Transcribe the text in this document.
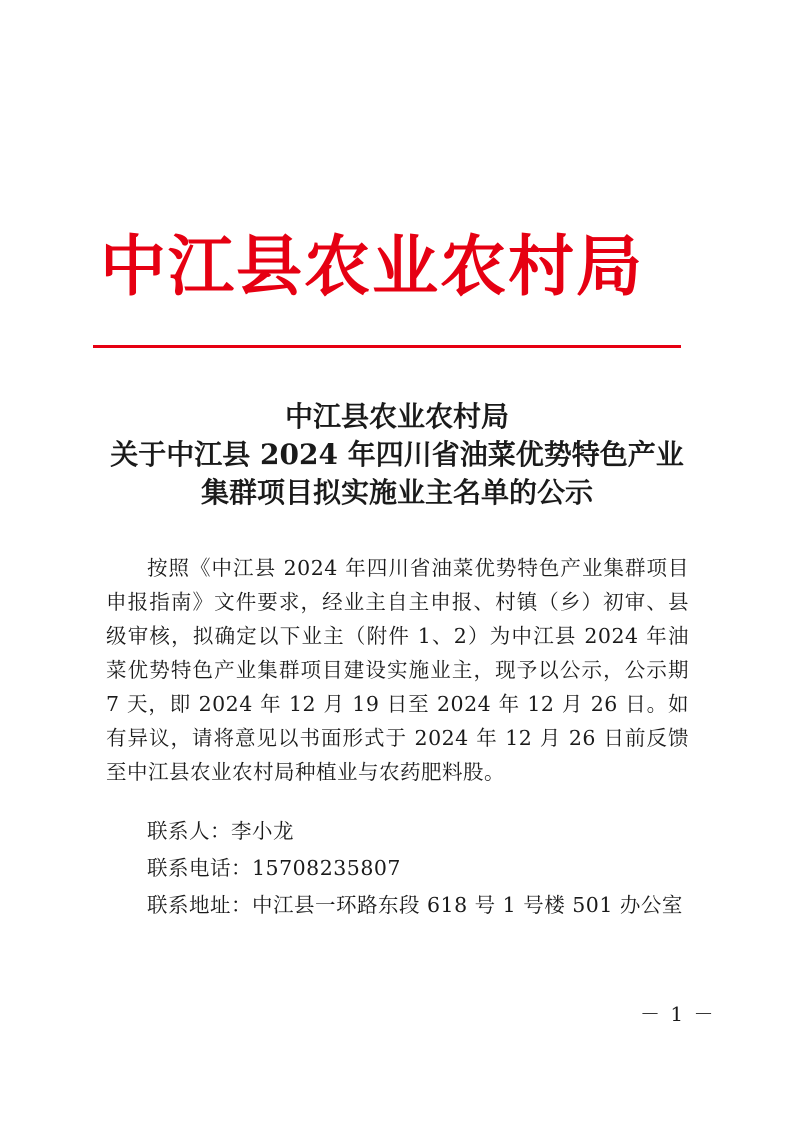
中江县农业农村局
中江县农业农村局
关于中江县 2024 年四川省油菜优势特色产业
集群项目拟实施业主名单的公示
按照《中江县 2024 年四川省油菜优势特色产业集群项目申报指南》文件要求，经业主自主申报、村镇（乡）初审、县级审核，拟确定以下业主（附件 1、2）为中江县 2024 年油菜优势特色产业集群项目建设实施业主，现予以公示，公示期 7 天，即 2024 年 12 月 19 日至 2024 年 12 月 26 日。如有异议，请将意见以书面形式于 2024 年 12 月 26 日前反馈至中江县农业农村局种植业与农药肥料股。
联系人：李小龙
联系电话：15708235807
联系地址：中江县一环路东段 618 号 1 号楼 501 办公室
－ 1 －
